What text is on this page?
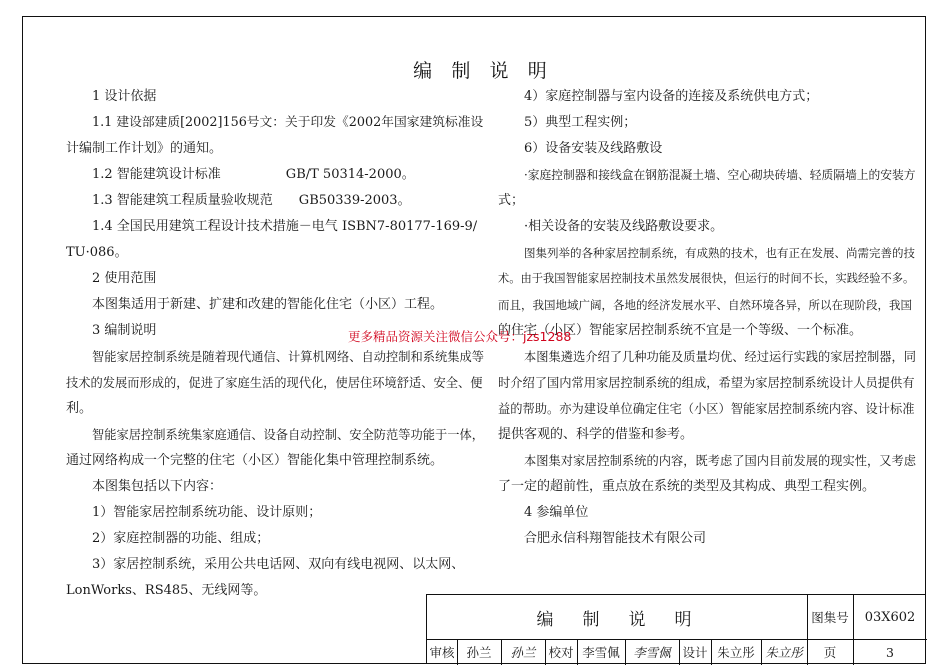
编　制　说　明

1 设计依据

1.1 建设部建质[2002]156号文：关于印发《2002年国家建筑标准设

计编制工作计划》的通知。

1.2 智能建筑设计标准　　　　　GB/T 50314-2000。

1.3 智能建筑工程质量验收规范　　GB50339-2003。

1.4 全国民用建筑工程设计技术措施－电气 ISBN7-80177-169-9/

TU·086。

2 使用范围

本图集适用于新建、扩建和改建的智能化住宅（小区）工程。

3 编制说明

智能家居控制系统是随着现代通信、计算机网络、自动控制和系统集成等

技术的发展而形成的，促进了家庭生活的现代化，使居住环境舒适、安全、便

利。

智能家居控制系统集家庭通信、设备自动控制、安全防范等功能于一体，

通过网络构成一个完整的住宅（小区）智能化集中管理控制系统。

本图集包括以下内容：

1）智能家居控制系统功能、设计原则；

2）家庭控制器的功能、组成；

3）家居控制系统，采用公共电话网、双向有线电视网、以太网、

LonWorks、RS485、无线网等。

4）家庭控制器与室内设备的连接及系统供电方式；

5）典型工程实例；

6）设备安装及线路敷设

·家庭控制器和接线盒在钢筋混凝土墙、空心砌块砖墙、轻质隔墙上的安装方

式；

·相关设备的安装及线路敷设要求。

图集列举的各种家居控制系统，有成熟的技术，也有正在发展、尚需完善的技

术。由于我国智能家居控制技术虽然发展很快，但运行的时间不长，实践经验不多。

而且，我国地域广阔，各地的经济发展水平、自然环境各异，所以在现阶段，我国

的住宅（小区）智能家居控制系统不宜是一个等级、一个标准。

本图集遴选介绍了几种功能及质量均优、经过运行实践的家居控制器，同

时介绍了国内常用家居控制系统的组成，希望为家居控制系统设计人员提供有

益的帮助。亦为建设单位确定住宅（小区）智能家居控制系统内容、设计标准

提供客观的、科学的借鉴和参考。

本图集对家居控制系统的内容，既考虑了国内目前发展的现实性，又考虑

了一定的超前性，重点放在系统的类型及其构成、典型工程实例。

4 参编单位

合肥永信科翔智能技术有限公司

更多精品资源关注微信公众号：jzs1288
编　制　说　明	图集号	03X602
审核 孙兰	孙兰	校对 李雪佩	李雪佩 设计 朱立彤 朱立彤	页	3
